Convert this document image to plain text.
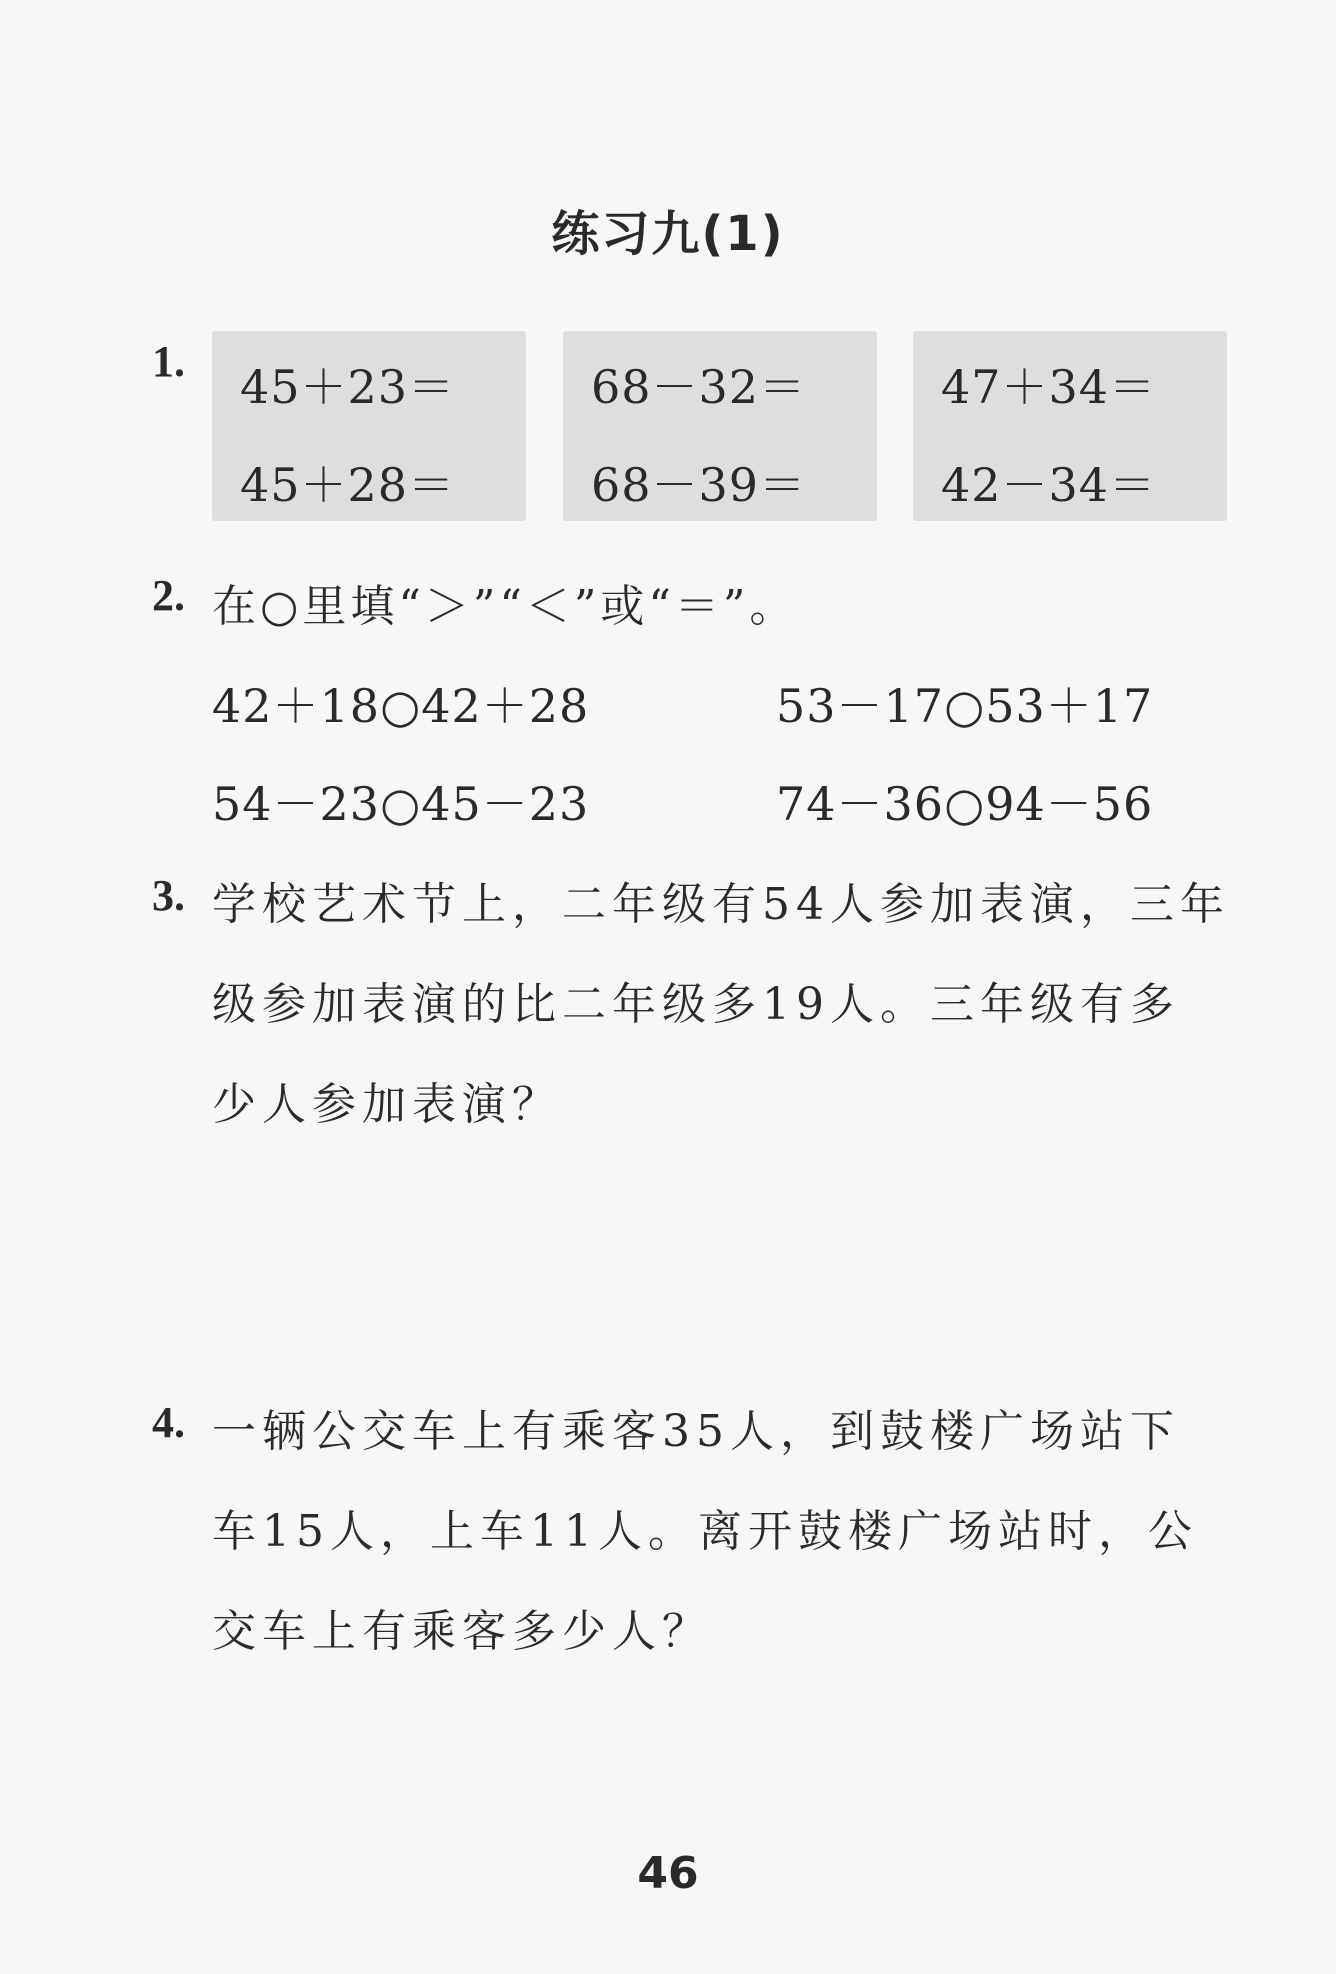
练习九(1)
1. 45＋23＝
45＋28＝
68－32＝
68－39＝
47＋34＝
42－34＝
2. 在○里填“＞”“＜”或“＝”。
42＋18○42＋28	53－17○53＋17
54－23○45－23	74－36○94－56
3. 学校艺术节上，二年级有54人参加表演，三年
级参加表演的比二年级多19人。三年级有多
少人参加表演？
4. 一辆公交车上有乘客35人，到鼓楼广场站下
车15人，上车11人。离开鼓楼广场站时，公
交车上有乘客多少人？
46
